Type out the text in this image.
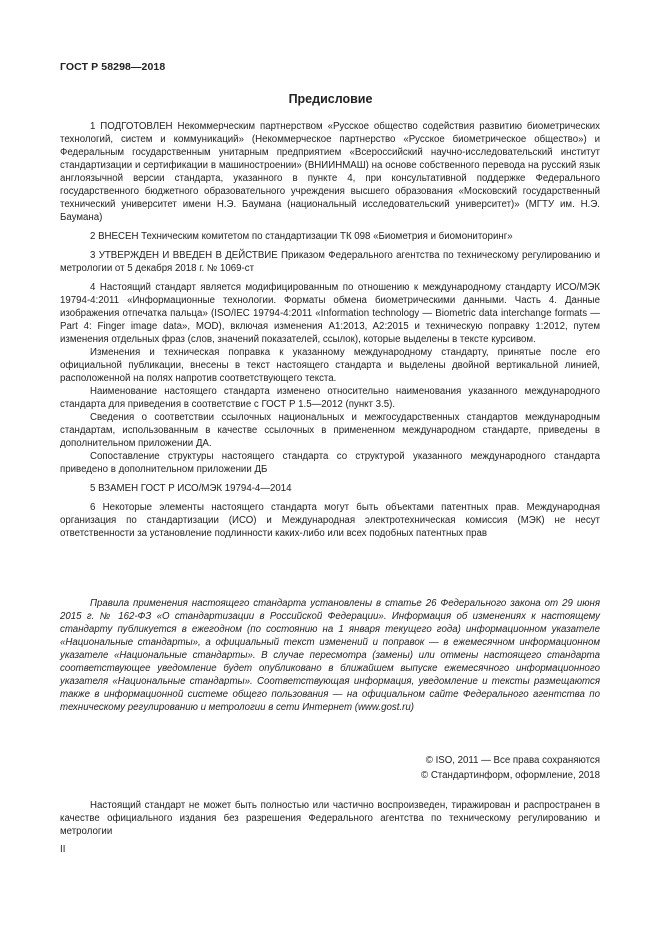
ГОСТ Р 58298—2018
Предисловие

1 ПОДГОТОВЛЕН Некоммерческим партнерством «Русское общество содействия развитию биометрических технологий, систем и коммуникаций» (Некоммерческое партнерство «Русское биометрическое общество») и Федеральным государственным унитарным предприятием «Всероссийский научно-исследовательский институт стандартизации и сертификации в машиностроении» (ВНИИНМАШ) на основе собственного перевода на русский язык англоязычной версии стандарта, указанного в пункте 4, при консультативной поддержке Федерального государственного бюджетного образовательного учреждения высшего образования «Московский государственный технический университет имени Н.Э. Баумана (национальный исследовательский университет)» (МГТУ им. Н.Э. Баумана)

2 ВНЕСЕН Техническим комитетом по стандартизации ТК 098 «Биометрия и биомониторинг»

3 УТВЕРЖДЕН И ВВЕДЕН В ДЕЙСТВИЕ Приказом Федерального агентства по техническому регулированию и метрологии от 5 декабря 2018 г. № 1069-ст

4 Настоящий стандарт является модифицированным по отношению к международному стандарту ИСО/МЭК 19794-4:2011 «Информационные технологии. Форматы обмена биометрическими данными. Часть 4. Данные изображения отпечатка пальца» (ISO/IEC 19794-4:2011 «Information technology — Biometric data interchange formats — Part 4: Finger image data», MOD), включая изменения A1:2013, A2:2015 и техническую поправку 1:2012, путем изменения отдельных фраз (слов, значений показателей, ссылок), которые выделены в тексте курсивом.

Изменения и техническая поправка к указанному международному стандарту, принятые после его официальной публикации, внесены в текст настоящего стандарта и выделены двойной вертикальной линией, расположенной на полях напротив соответствующего текста.

Наименование настоящего стандарта изменено относительно наименования указанного международного стандарта для приведения в соответствие с ГОСТ Р 1.5—2012 (пункт 3.5).

Сведения о соответствии ссылочных национальных и межгосударственных стандартов международным стандартам, использованным в качестве ссылочных в примененном международном стандарте, приведены в дополнительном приложении ДА.

Сопоставление структуры настоящего стандарта со структурой указанного международного стандарта приведено в дополнительном приложении ДБ

5 ВЗАМЕН ГОСТ Р ИСО/МЭК 19794-4—2014

6 Некоторые элементы настоящего стандарта могут быть объектами патентных прав. Международная организация по стандартизации (ИСО) и Международная электротехническая комиссия (МЭК) не несут ответственности за установление подлинности каких-либо или всех подобных патентных прав

Правила применения настоящего стандарта установлены в статье 26 Федерального закона от 29 июня 2015 г. № 162-ФЗ «О стандартизации в Российской Федерации». Информация об изменениях к настоящему стандарту публикуется в ежегодном (по состоянию на 1 января текущего года) информационном указателе «Национальные стандарты», а официальный текст изменений и поправок — в ежемесячном информационном указателе «Национальные стандарты». В случае пересмотра (замены) или отмены настоящего стандарта соответствующее уведомление будет опубликовано в ближайшем выпуске ежемесячного информационного указателя «Национальные стандарты». Соответствующая информация, уведомление и тексты размещаются также в информационной системе общего пользования — на официальном сайте Федерального агентства по техническому регулированию и метрологии в сети Интернет (www.gost.ru)

© ISO, 2011 — Все права сохраняются
© Стандартинформ, оформление, 2018

Настоящий стандарт не может быть полностью или частично воспроизведен, тиражирован и распространен в качестве официального издания без разрешения Федерального агентства по техническому регулированию и метрологии

II
